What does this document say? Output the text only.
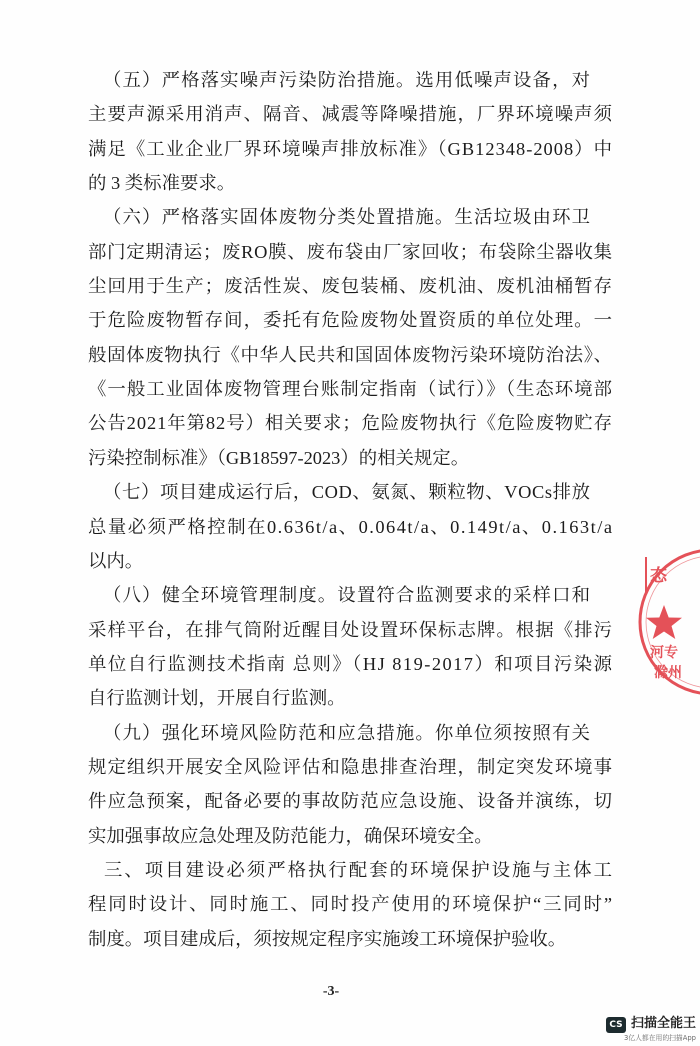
（五）严格落实噪声污染防治措施。选用低噪声设备，对
主要声源采用消声、隔音、减震等降噪措施，厂界环境噪声须
满足《工业企业厂界环境噪声排放标准》（GB12348-2008）中
的 3 类标准要求。
（六）严格落实固体废物分类处置措施。生活垃圾由环卫
部门定期清运；废RO膜、废布袋由厂家回收；布袋除尘器收集
尘回用于生产；废活性炭、废包装桶、废机油、废机油桶暂存
于危险废物暂存间，委托有危险废物处置资质的单位处理。一
般固体废物执行《中华人民共和国固体废物污染环境防治法》、
《一般工业固体废物管理台账制定指南（试行）》（生态环境部
公告2021年第82号）相关要求；危险废物执行《危险废物贮存
污染控制标准》（GB18597-2023）的相关规定。
（七）项目建成运行后，COD、氨氮、颗粒物、VOCs排放
总量必须严格控制在0.636t/a、0.064t/a、0.149t/a、0.163t/a
以内。
（八）健全环境管理制度。设置符合监测要求的采样口和
采样平台，在排气筒附近醒目处设置环保标志牌。根据《排污
单位自行监测技术指南 总则》（HJ 819-2017）和项目污染源
自行监测计划，开展自行监测。
（九）强化环境风险防范和应急措施。你单位须按照有关
规定组织开展安全风险评估和隐患排查治理，制定突发环境事
件应急预案，配备必要的事故防范应急设施、设备并演练，切
实加强事故应急处理及防范能力，确保环境安全。
三、项目建设必须严格执行配套的环境保护设施与主体工
程同时设计、同时施工、同时投产使用的环境保护“三同时”
制度。项目建成后，须按规定程序实施竣工环境保护验收。
-3-
态
河专
滁州
CS 扫描全能王
3亿人都在用的扫描App
